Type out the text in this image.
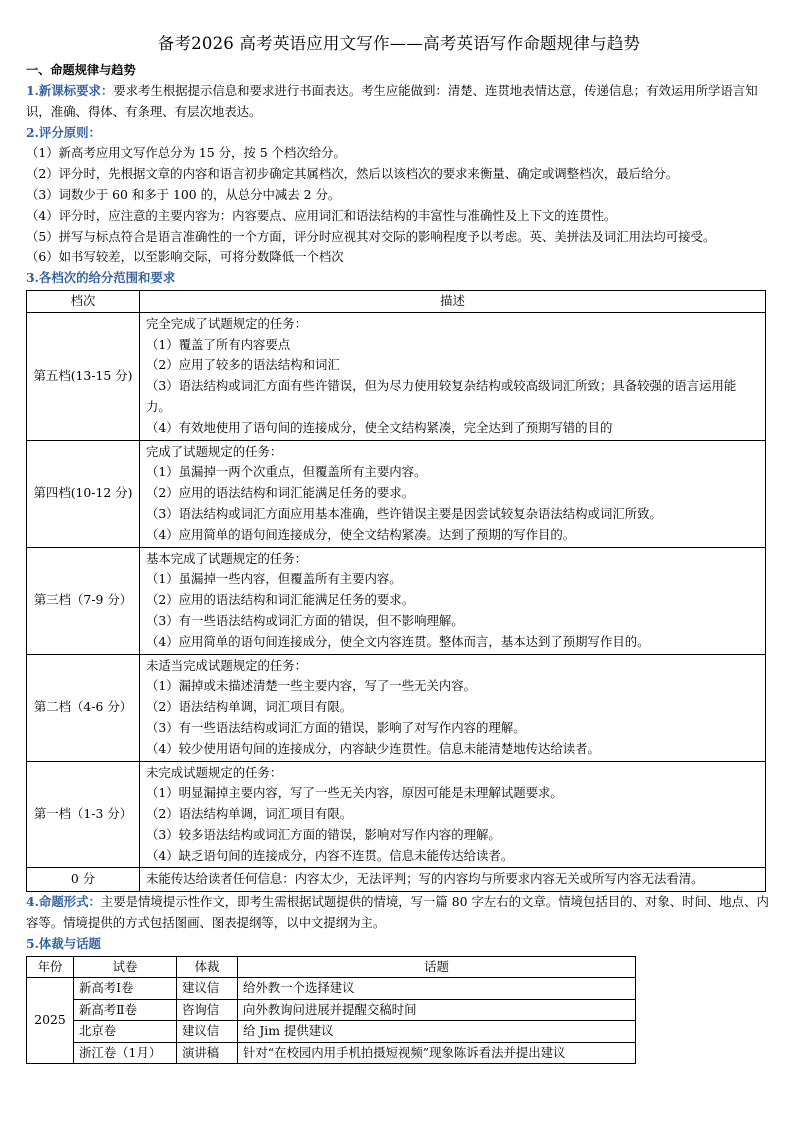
备考2026 高考英语应用文写作——高考英语写作命题规律与趋势
一、命题规律与趋势

1.新课标要求：要求考生根据提示信息和要求进行书面表达。考生应能做到：清楚、连贯地表情达意，传递信息；有效运用所学语言知识，准确、得体、有条理、有层次地表达。

2.评分原则：

（1）新高考应用文写作总分为 15 分，按 5 个档次给分。

（2）评分时，先根据文章的内容和语言初步确定其属档次，然后以该档次的要求来衡量、确定或调整档次，最后给分。

（3）词数少于 60 和多于 100 的，从总分中减去 2 分。

（4）评分时，应注意的主要内容为：内容要点、应用词汇和语法结构的丰富性与准确性及上下文的连贯性。

（5）拼写与标点符合是语言准确性的一个方面，评分时应视其对交际的影响程度予以考虑。英、美拼法及词汇用法均可接受。

（6）如书写较差，以至影响交际，可将分数降低一个档次

3.各档次的给分范围和要求
档次	描述
第五档(13-15 分)	完全完成了试题规定的任务：
（1）覆盖了所有内容要点
（2）应用了较多的语法结构和词汇
（3）语法结构或词汇方面有些许错误，但为尽力使用较复杂结构或较高级词汇所致；具备较强的语言运用能力。
（4）有效地使用了语句间的连接成分，使全文结构紧凑，完全达到了预期写错的目的

第四档(10-12 分)	完成了试题规定的任务：
（1）虽漏掉一两个次重点，但覆盖所有主要内容。
（2）应用的语法结构和词汇能满足任务的要求。
（3）语法结构或词汇方面应用基本准确，些许错误主要是因尝试较复杂语法结构或词汇所致。
（4）应用简单的语句间连接成分，使全文结构紧凑。达到了预期的写作目的。

第三档（7-9 分）	基本完成了试题规定的任务：
（1）虽漏掉一些内容，但覆盖所有主要内容。
（2）应用的语法结构和词汇能满足任务的要求。
（3）有一些语法结构或词汇方面的错误，但不影响理解。
（4）应用简单的语句间连接成分，使全文内容连贯。整体而言，基本达到了预期写作目的。

第二档（4-6 分）	未适当完成试题规定的任务：
（1）漏掉或未描述清楚一些主要内容，写了一些无关内容。
（2）语法结构单调，词汇项目有限。
（3）有一些语法结构或词汇方面的错误，影响了对写作内容的理解。
（4）较少使用语句间的连接成分，内容缺少连贯性。信息未能清楚地传达给读者。

第一档（1-3 分）	未完成试题规定的任务：
（1）明显漏掉主要内容，写了一些无关内容，原因可能是未理解试题要求。
（2）语法结构单调，词汇项目有限。
（3）较多语法结构或词汇方面的错误，影响对写作内容的理解。
（4）缺乏语句间的连接成分，内容不连贯。信息未能传达给读者。

0 分	未能传达给读者任何信息：内容太少，无法评判；写的内容均与所要求内容无关或所写内容无法看清。

4.命题形式：主要是情境提示性作文，即考生需根据试题提供的情境，写一篇 80 字左右的文章。情境包括目的、对象、时间、地点、内容等。情境提供的方式包括图画、图表提纲等，以中文提纲为主。

5.体裁与话题
年份	试卷	体裁	话题
2025	新高考Ⅰ卷	建议信	给外教一个选择建议
	新高考Ⅱ卷	咨询信	向外教询问进展并提醒交稿时间
	北京卷	建议信	给 Jim 提供建议
	浙江卷（1月）	演讲稿	针对“在校园内用手机拍摄短视频”现象陈诉看法并提出建议
